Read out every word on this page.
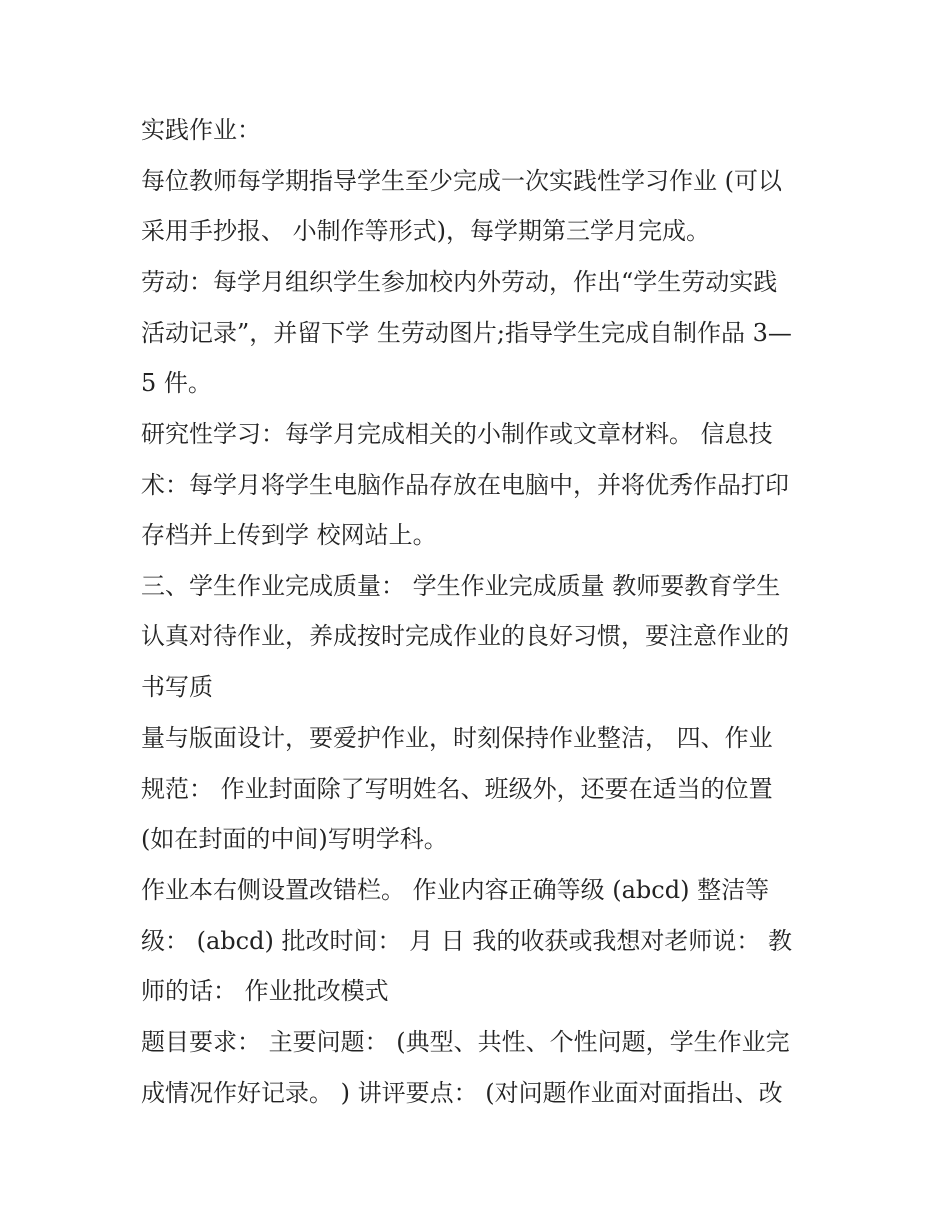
实践作业：
每位教师每学期指导学生至少完成一次实践性学习作业 (可以
采用手抄报、 小制作等形式)，每学期第三学月完成。
劳动：每学月组织学生参加校内外劳动，作出“学生劳动实践
活动记录”，并留下学 生劳动图片;指导学生完成自制作品 3—
5 件。
研究性学习：每学月完成相关的小制作或文章材料。 信息技
术：每学月将学生电脑作品存放在电脑中，并将优秀作品打印
存档并上传到学 校网站上。
三、学生作业完成质量： 学生作业完成质量 教师要教育学生
认真对待作业，养成按时完成作业的良好习惯，要注意作业的
书写质
量与版面设计，要爱护作业，时刻保持作业整洁， 四、作业
规范： 作业封面除了写明姓名、班级外，还要在适当的位置
(如在封面的中间)写明学科。
作业本右侧设置改错栏。 作业内容正确等级 (abcd) 整洁等
级： (abcd) 批改时间： 月 日 我的收获或我想对老师说： 教
师的话： 作业批改模式
题目要求： 主要问题： (典型、共性、个性问题，学生作业完
成情况作好记录。 ) 讲评要点： (对问题作业面对面指出、改
